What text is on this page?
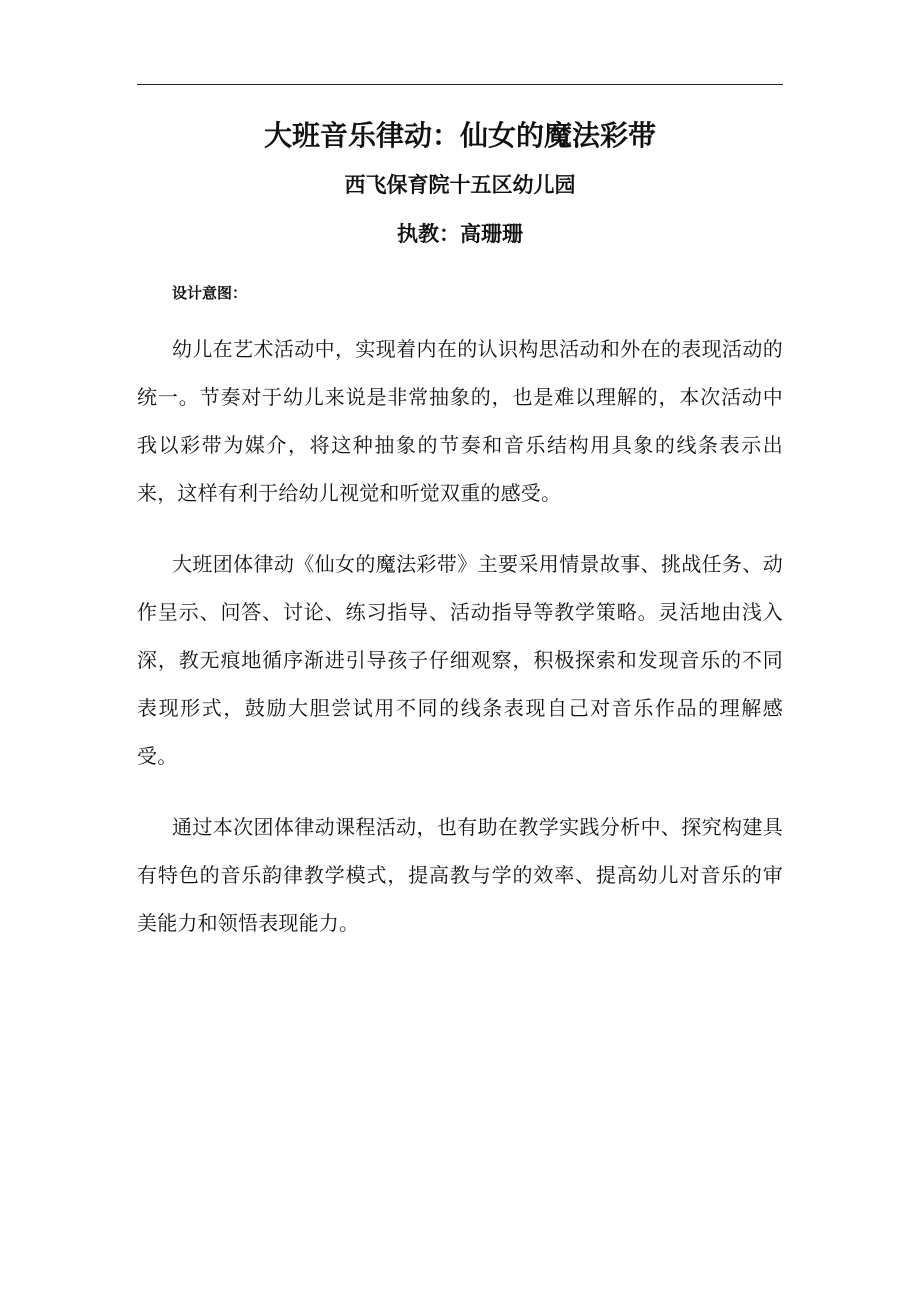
大班音乐律动：仙女的魔法彩带
西飞保育院十五区幼儿园
执教：高珊珊
设计意图：

幼儿在艺术活动中，实现着内在的认识构思活动和外在的表现活动的统一。节奏对于幼儿来说是非常抽象的，也是难以理解的，本次活动中我以彩带为媒介，将这种抽象的节奏和音乐结构用具象的线条表示出来，这样有利于给幼儿视觉和听觉双重的感受。

大班团体律动《仙女的魔法彩带》主要采用情景故事、挑战任务、动作呈示、问答、讨论、练习指导、活动指导等教学策略。灵活地由浅入深，教无痕地循序渐进引导孩子仔细观察，积极探索和发现音乐的不同表现形式，鼓励大胆尝试用不同的线条表现自己对音乐作品的理解感受。

通过本次团体律动课程活动，也有助在教学实践分析中、探究构建具有特色的音乐韵律教学模式，提高教与学的效率、提高幼儿对音乐的审美能力和领悟表现能力。
